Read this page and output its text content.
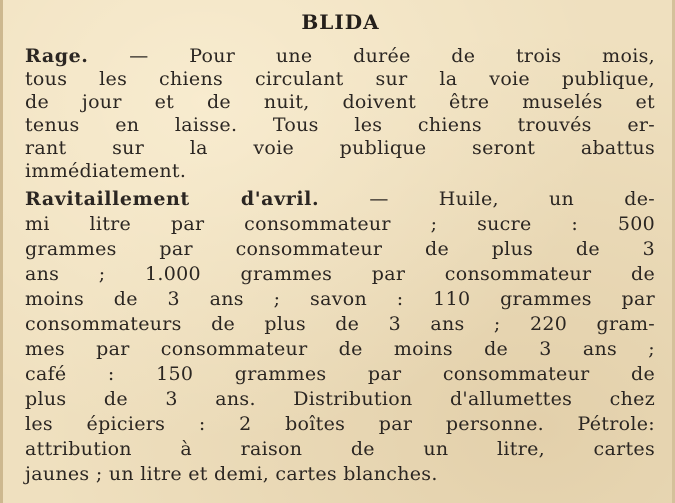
BLIDA
Rage. — Pour une durée de trois mois,
tous les chiens circulant sur la voie publique,
de jour et de nuit, doivent être muselés et
tenus en laisse. Tous les chiens trouvés er-
rant sur la voie publique seront abattus
immédiatement.
Ravitaillement d'avril. — Huile, un de-
mi litre par consommateur ; sucre : 500
grammes par consommateur de plus de 3
ans ; 1.000 grammes par consommateur de
moins de 3 ans ; savon : 110 grammes par
consommateurs de plus de 3 ans ; 220 gram-
mes par consommateur de moins de 3 ans ;
café : 150 grammes par consommateur de
plus de 3 ans. Distribution d'allumettes chez
les épiciers : 2 boîtes par personne. Pétrole:
attribution à raison de un litre, cartes
jaunes ; un litre et demi, cartes blanches.
